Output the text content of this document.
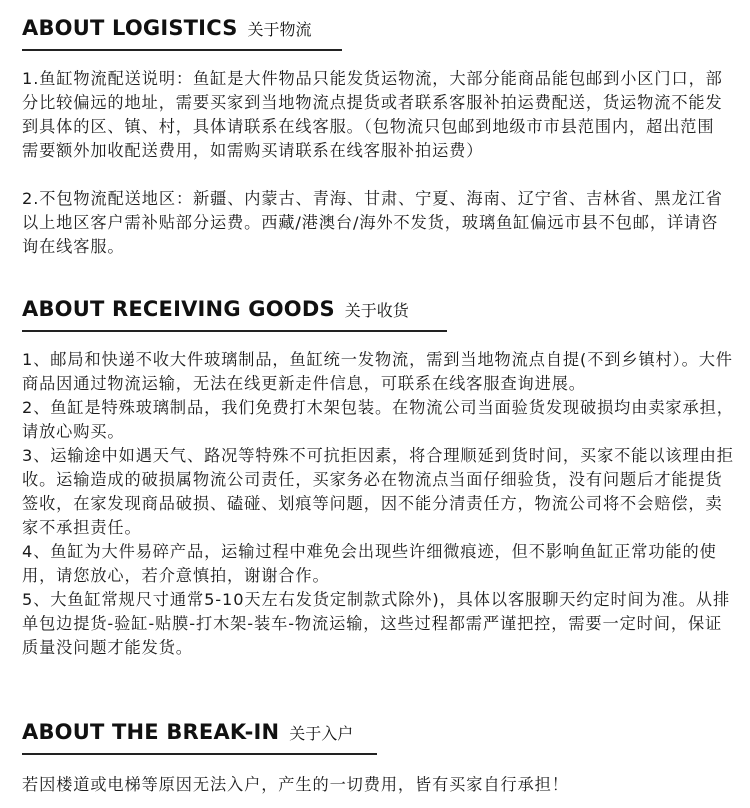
ABOUT LOGISTICS 关于物流

1.鱼缸物流配送说明：鱼缸是大件物品只能发货运物流，大部分能商品能包邮到小区门口，部分比较偏远的地址，需要买家到当地物流点提货或者联系客服补拍运费配送，货运物流不能发到具体的区、镇、村，具体请联系在线客服。（包物流只包邮到地级市市县范围内，超出范围需要额外加收配送费用，如需购买请联系在线客服补拍运费）

2.不包物流配送地区：新疆、内蒙古、青海、甘肃、宁夏、海南、辽宁省、吉林省、黑龙江省以上地区客户需补贴部分运费。西藏/港澳台/海外不发货，玻璃鱼缸偏远市县不包邮，详请咨询在线客服。

ABOUT RECEIVING GOODS 关于收货

1、邮局和快递不收大件玻璃制品，鱼缸统一发物流，需到当地物流点自提(不到乡镇村）。大件商品因通过物流运输，无法在线更新走件信息，可联系在线客服查询进展。
2、鱼缸是特殊玻璃制品，我们免费打木架包装。在物流公司当面验货发现破损均由卖家承担，请放心购买。
3、运输途中如遇天气、路况等特殊不可抗拒因素，将合理顺延到货时间，买家不能以该理由拒收。运输造成的破损属物流公司责任，买家务必在物流点当面仔细验货，没有问题后才能提货签收，在家发现商品破损、磕碰、划痕等问题，因不能分清责任方，物流公司将不会赔偿，卖家不承担责任。
4、鱼缸为大件易碎产品，运输过程中难免会出现些许细微痕迹，但不影响鱼缸正常功能的使用，请您放心，若介意慎拍，谢谢合作。
5、大鱼缸常规尺寸通常5-10天左右发货定制款式除外)，具体以客服聊天约定时间为准。从排单包边提货-验缸-贴膜-打木架-装车-物流运输，这些过程都需严谨把控，需要一定时间，保证质量没问题才能发货。

ABOUT THE BREAK-IN 关于入户

若因楼道或电梯等原因无法入户，产生的一切费用，皆有买家自行承担！
